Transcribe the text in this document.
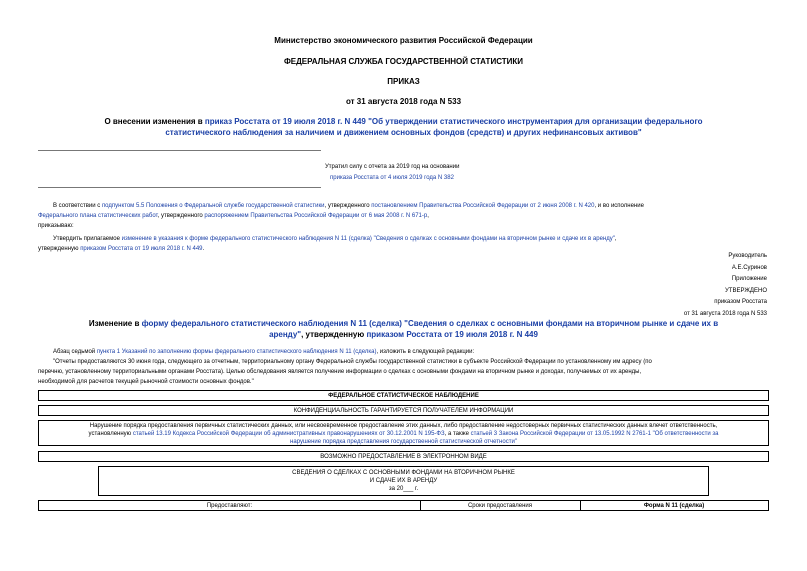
Министерство экономического развития Российской Федерации
ФЕДЕРАЛЬНАЯ СЛУЖБА ГОСУДАРСТВЕННОЙ СТАТИСТИКИ
ПРИКАЗ
от 31 августа 2018 года N 533
О внесении изменения в приказ Росстата от 19 июля 2018 г. N 449 "Об утверждении статистического инструментария для организации федерального
статистического наблюдения за наличием и движением основных фондов (средств) и других нефинансовых активов"
Утратил силу с отчета за 2019 год на основании
приказа Росстата от 4 июля 2019 года N 382
В соответствии с подпунктом 5.5 Положения о Федеральной службе государственной статистики, утвержденного постановлением Правительства Российской Федерации от 2 июня 2008 г. N 420, и во исполнение
Федерального плана статистических работ, утвержденного распоряжением Правительства Российской Федерации от 6 мая 2008 г. N 671-р,
приказываю:
Утвердить прилагаемое изменение в указания к форме федерального статистического наблюдения N 11 (сделка) "Сведения о сделках с основными фондами на вторичном рынке и сдаче их в аренду",
утвержденную приказом Росстата от 19 июля 2018 г. N 449.
Руководитель
А.Е.Суринов
Приложение
УТВЕРЖДЕНО
приказом Росстата
от 31 августа 2018 года N 533
Изменение в форму федерального статистического наблюдения N 11 (сделка) "Сведения о сделках с основными фондами на вторичном рынке и сдаче их в
аренду", утвержденную приказом Росстата от 19 июля 2018 г. N 449
Абзац седьмой пункта 1 Указаний по заполнению формы федерального статистического наблюдения N 11 (сделка), изложить в следующей редакции:
"Отчеты предоставляются 30 июня года, следующего за отчетным, территориальному органу Федеральной службы государственной статистики в субъекте Российской Федерации по установленному им адресу (по
перечню, установленному территориальными органами Росстата). Целью обследования является получение информации о сделках с основными фондами на вторичном рынке и доходах, получаемых от их аренды,
необходимой для расчетов текущей рыночной стоимости основных фондов."
ФЕДЕРАЛЬНОЕ СТАТИСТИЧЕСКОЕ НАБЛЮДЕНИЕ
КОНФИДЕНЦИАЛЬНОСТЬ ГАРАНТИРУЕТСЯ ПОЛУЧАТЕЛЕМ ИНФОРМАЦИИ
Нарушение порядка предоставления первичных статистических данных, или несвоевременное предоставление этих данных, либо предоставление недостоверных первичных статистических данных влечет ответственность,
установленную статьей 13.19 Кодекса Российской Федерации об административных правонарушениях от 30.12.2001 N 195-ФЗ, а также статьей 3 Закона Российской Федерации от 13.05.1992 N 2761-1 "Об ответственности за
нарушение порядка представления государственной статистической отчетности"
ВОЗМОЖНО ПРЕДОСТАВЛЕНИЕ В ЭЛЕКТРОННОМ ВИДЕ
СВЕДЕНИЯ О СДЕЛКАХ С ОСНОВНЫМИ ФОНДАМИ НА ВТОРИЧНОМ РЫНКЕ
И СДАЧЕ ИХ В АРЕНДУ
за 20___ г.
Предоставляют:	Сроки предоставления	Форма N 11 (сделка)
